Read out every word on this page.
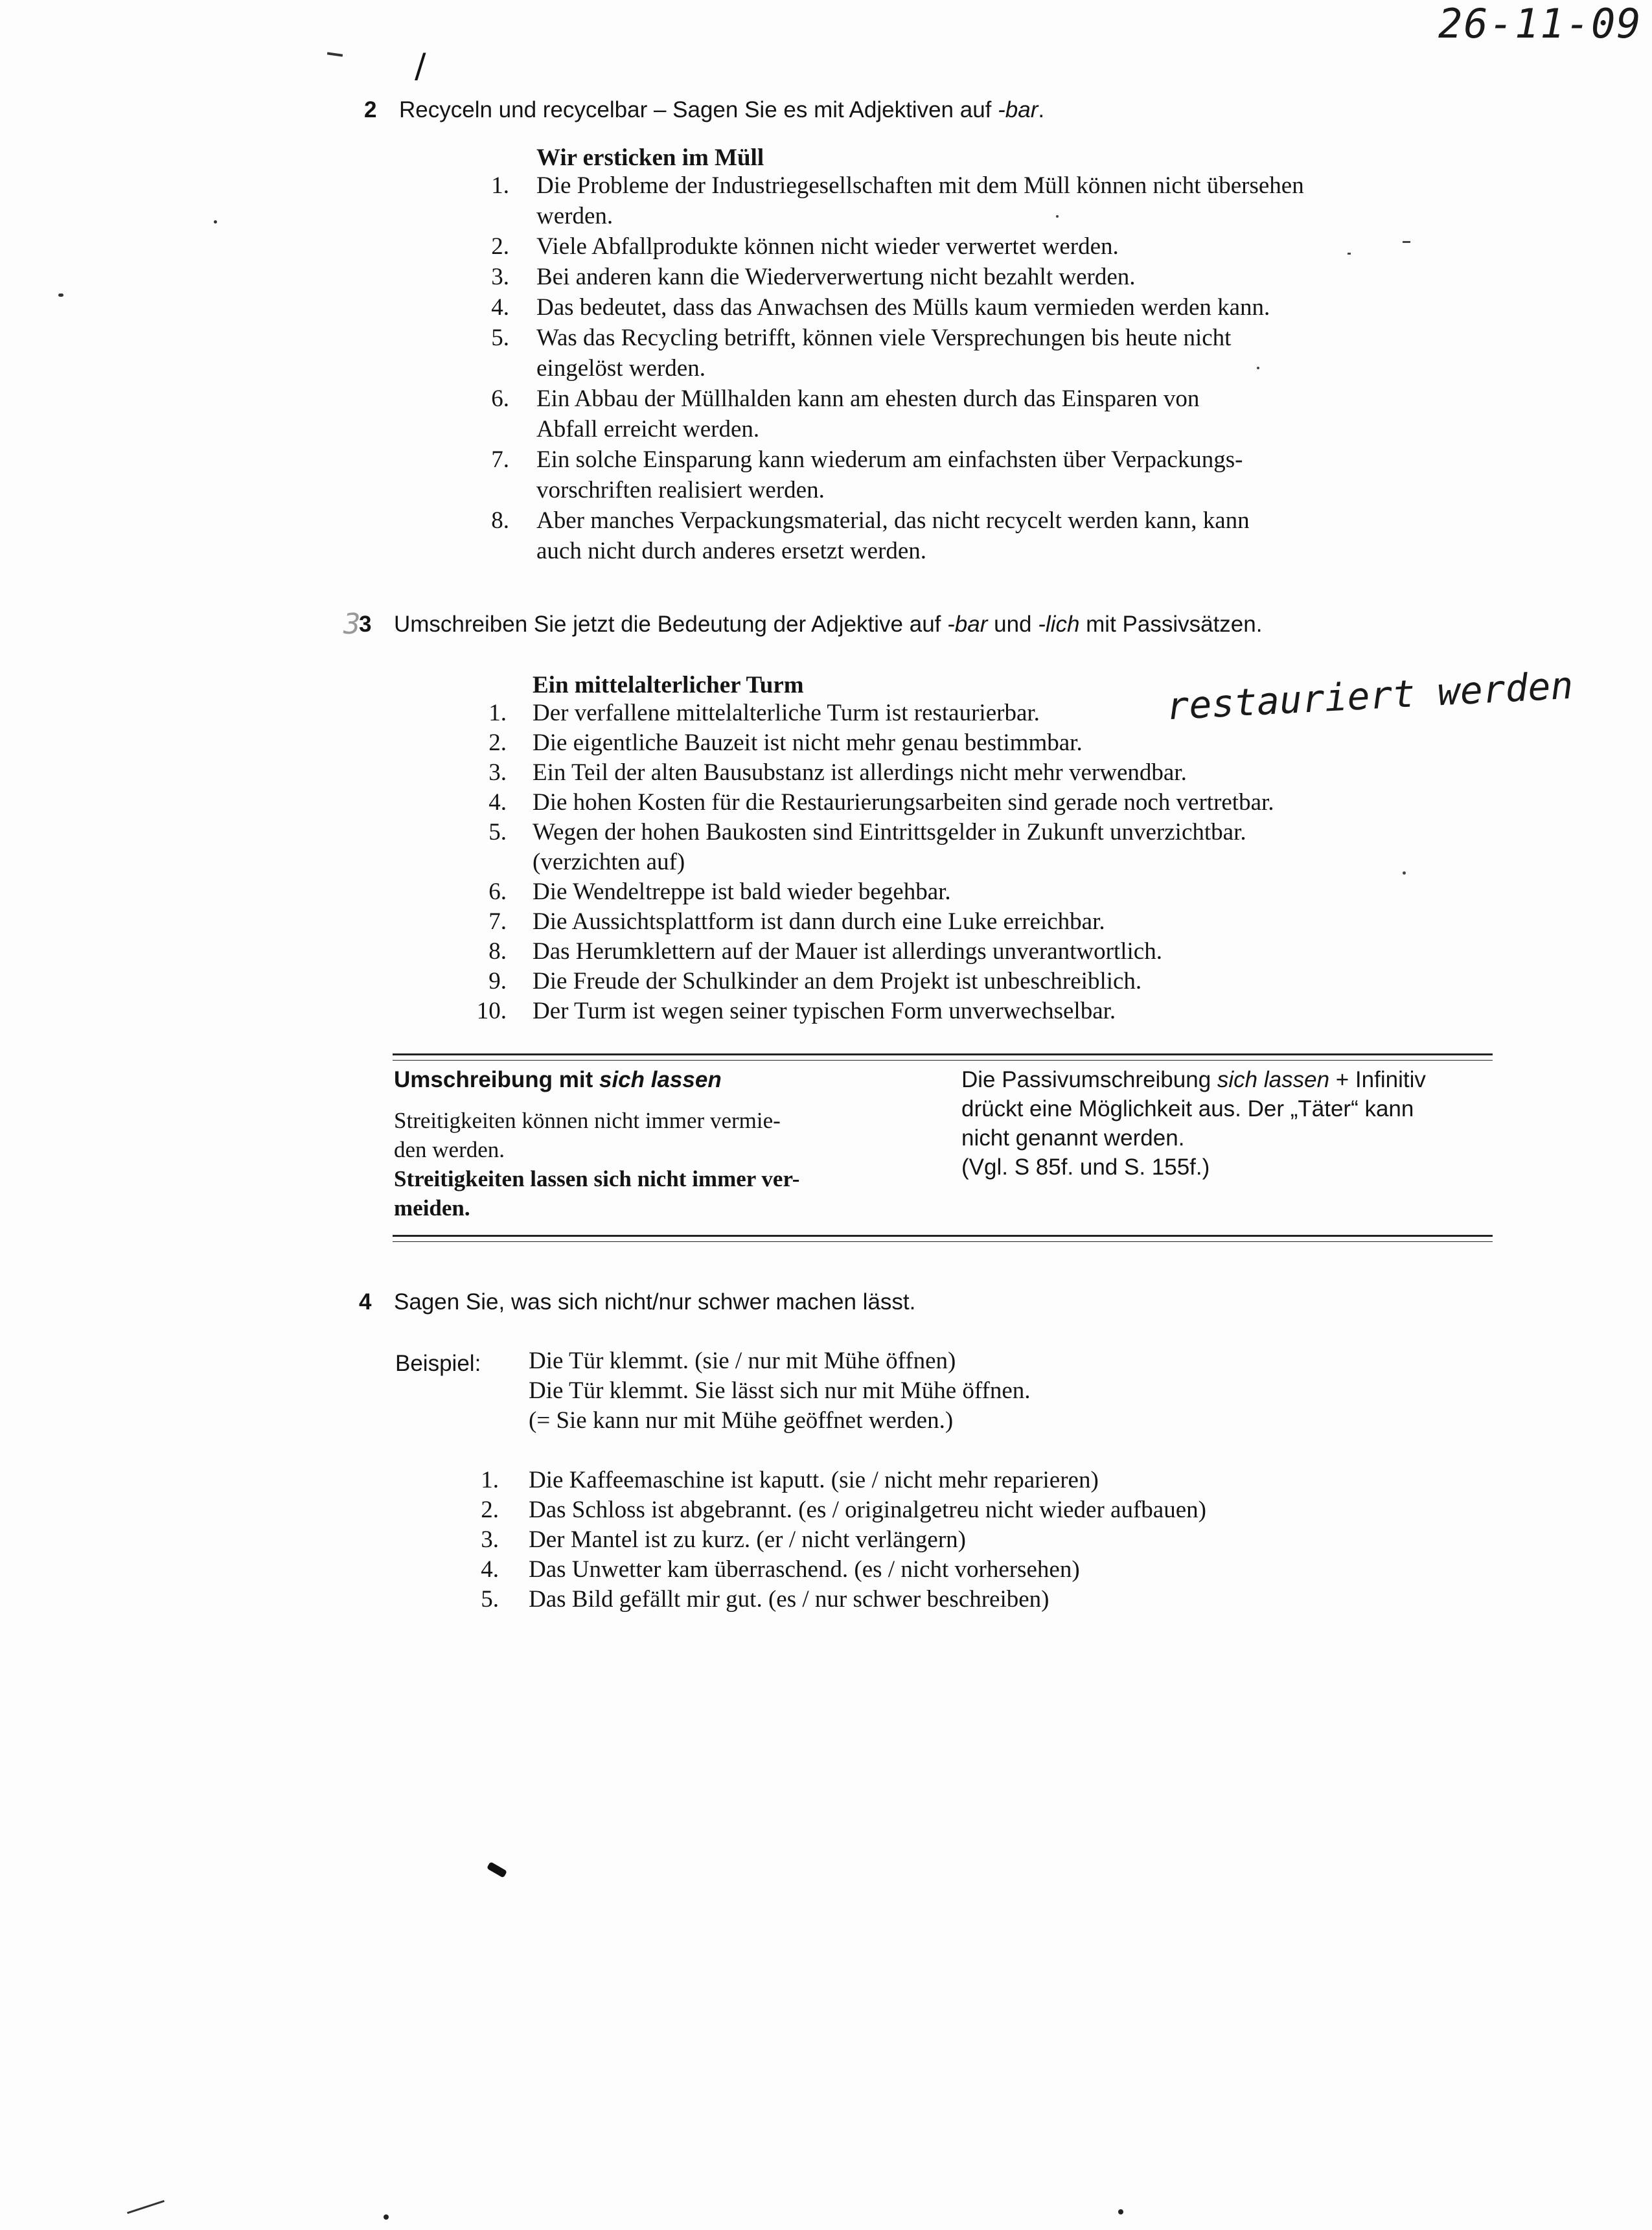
26-11-09
/
2 Recyceln und recycelbar – Sagen Sie es mit Adjektiven auf -bar.
Wir ersticken im Müll
1. Die Probleme der Industriegesellschaften mit dem Müll können nicht übersehen
werden.
2. Viele Abfallprodukte können nicht wieder verwertet werden.
3. Bei anderen kann die Wiederverwertung nicht bezahlt werden.
4. Das bedeutet, dass das Anwachsen des Mülls kaum vermieden werden kann.
5. Was das Recycling betrifft, können viele Versprechungen bis heute nicht
eingelöst werden.
6. Ein Abbau der Müllhalden kann am ehesten durch das Einsparen von
Abfall erreicht werden.
7. Ein solche Einsparung kann wiederum am einfachsten über Verpackungs-
vorschriften realisiert werden.
8. Aber manches Verpackungsmaterial, das nicht recycelt werden kann, kann
auch nicht durch anderes ersetzt werden.
3
3 Umschreiben Sie jetzt die Bedeutung der Adjektive auf -bar und -lich mit Passivsätzen.
Ein mittelalterlicher Turm
1. Der verfallene mittelalterliche Turm ist restaurierbar.
2. Die eigentliche Bauzeit ist nicht mehr genau bestimmbar.
3. Ein Teil der alten Bausubstanz ist allerdings nicht mehr verwendbar.
4. Die hohen Kosten für die Restaurierungsarbeiten sind gerade noch vertretbar.
5. Wegen der hohen Baukosten sind Eintrittsgelder in Zukunft unverzichtbar.
(verzichten auf)
6. Die Wendeltreppe ist bald wieder begehbar.
7. Die Aussichtsplattform ist dann durch eine Luke erreichbar.
8. Das Herumklettern auf der Mauer ist allerdings unverantwortlich.
9. Die Freude der Schulkinder an dem Projekt ist unbeschreiblich.
10. Der Turm ist wegen seiner typischen Form unverwechselbar.
restauriert werden
Umschreibung mit sich lassen
Streitigkeiten können nicht immer vermie-
den werden.
Streitigkeiten lassen sich nicht immer ver-
meiden.
Die Passivumschreibung sich lassen + Infinitiv
drückt eine Möglichkeit aus. Der „Täter“ kann
nicht genannt werden.
(Vgl. S 85f. und S. 155f.)
4 Sagen Sie, was sich nicht/nur schwer machen lässt.
Beispiel: Die Tür klemmt. (sie / nur mit Mühe öffnen)
Die Tür klemmt. Sie lässt sich nur mit Mühe öffnen.
(= Sie kann nur mit Mühe geöffnet werden.)
1. Die Kaffeemaschine ist kaputt. (sie / nicht mehr reparieren)
2. Das Schloss ist abgebrannt. (es / originalgetreu nicht wieder aufbauen)
3. Der Mantel ist zu kurz. (er / nicht verlängern)
4. Das Unwetter kam überraschend. (es / nicht vorhersehen)
5. Das Bild gefällt mir gut. (es / nur schwer beschreiben)
